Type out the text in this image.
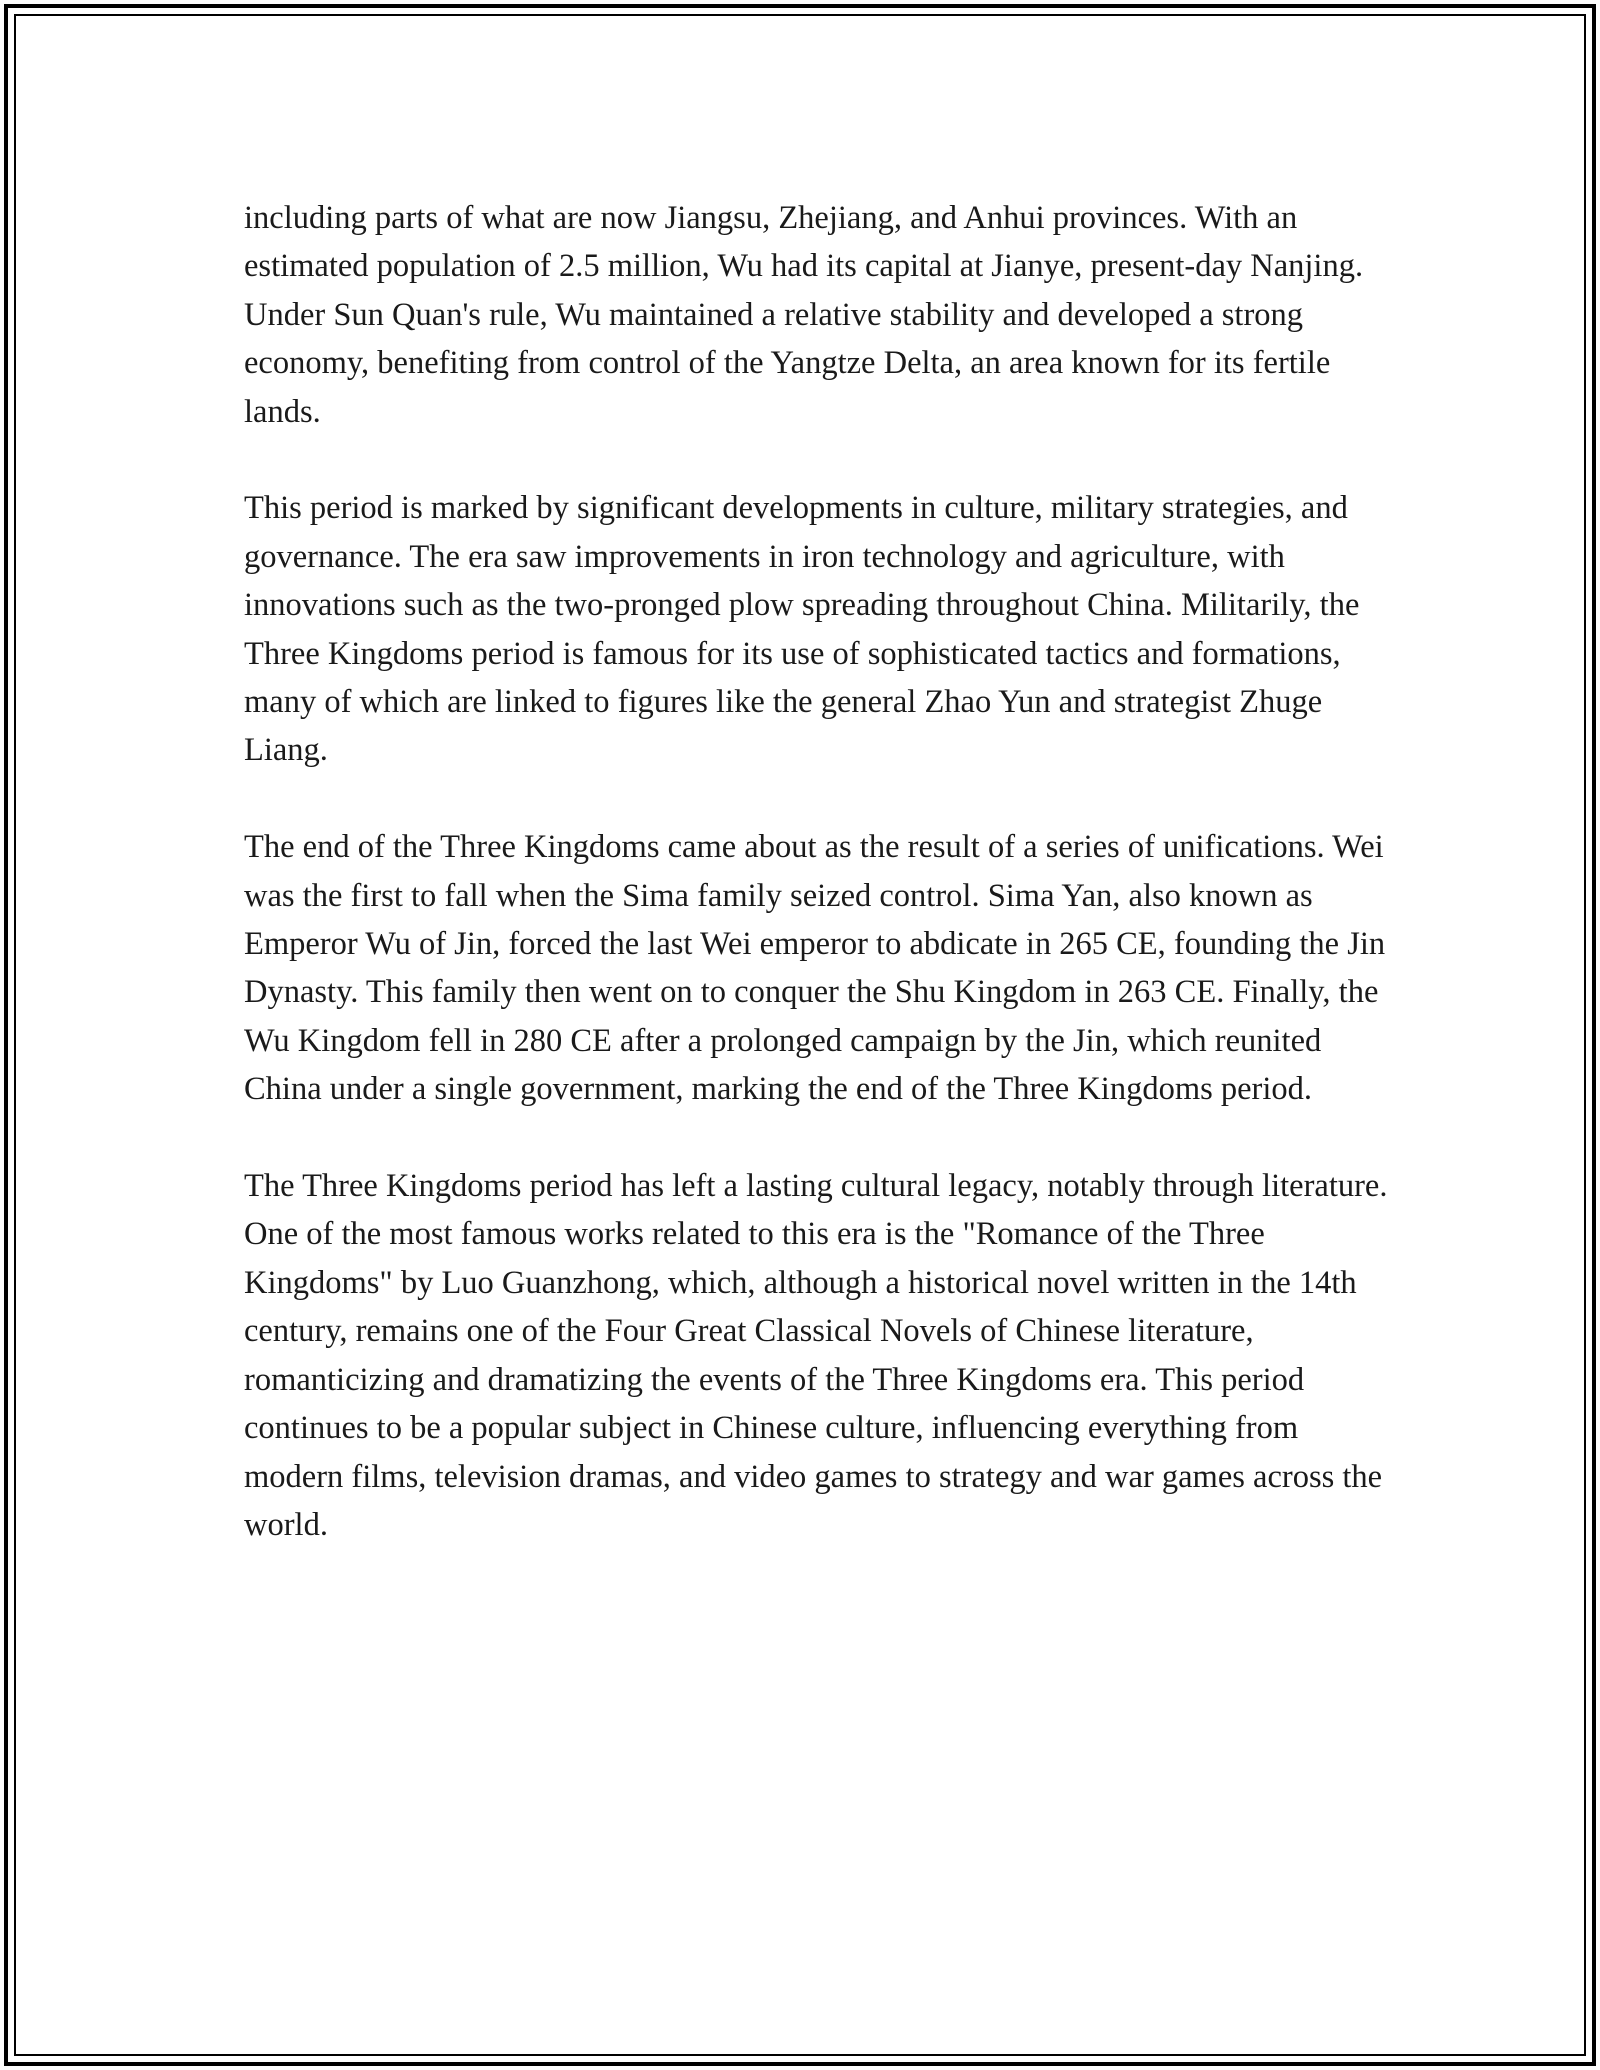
including parts of what are now Jiangsu, Zhejiang, and Anhui provinces. With an estimated population of 2.5 million, Wu had its capital at Jianye, present-day Nanjing. Under Sun Quan's rule, Wu maintained a relative stability and developed a strong economy, benefiting from control of the Yangtze Delta, an area known for its fertile lands.

This period is marked by significant developments in culture, military strategies, and governance. The era saw improvements in iron technology and agriculture, with innovations such as the two-pronged plow spreading throughout China. Militarily, the Three Kingdoms period is famous for its use of sophisticated tactics and formations, many of which are linked to figures like the general Zhao Yun and strategist Zhuge Liang.

The end of the Three Kingdoms came about as the result of a series of unifications. Wei was the first to fall when the Sima family seized control. Sima Yan, also known as Emperor Wu of Jin, forced the last Wei emperor to abdicate in 265 CE, founding the Jin Dynasty. This family then went on to conquer the Shu Kingdom in 263 CE. Finally, the Wu Kingdom fell in 280 CE after a prolonged campaign by the Jin, which reunited China under a single government, marking the end of the Three Kingdoms period.

The Three Kingdoms period has left a lasting cultural legacy, notably through literature. One of the most famous works related to this era is the "Romance of the Three Kingdoms" by Luo Guanzhong, which, although a historical novel written in the 14th century, remains one of the Four Great Classical Novels of Chinese literature, romanticizing and dramatizing the events of the Three Kingdoms era. This period continues to be a popular subject in Chinese culture, influencing everything from modern films, television dramas, and video games to strategy and war games across the world.
